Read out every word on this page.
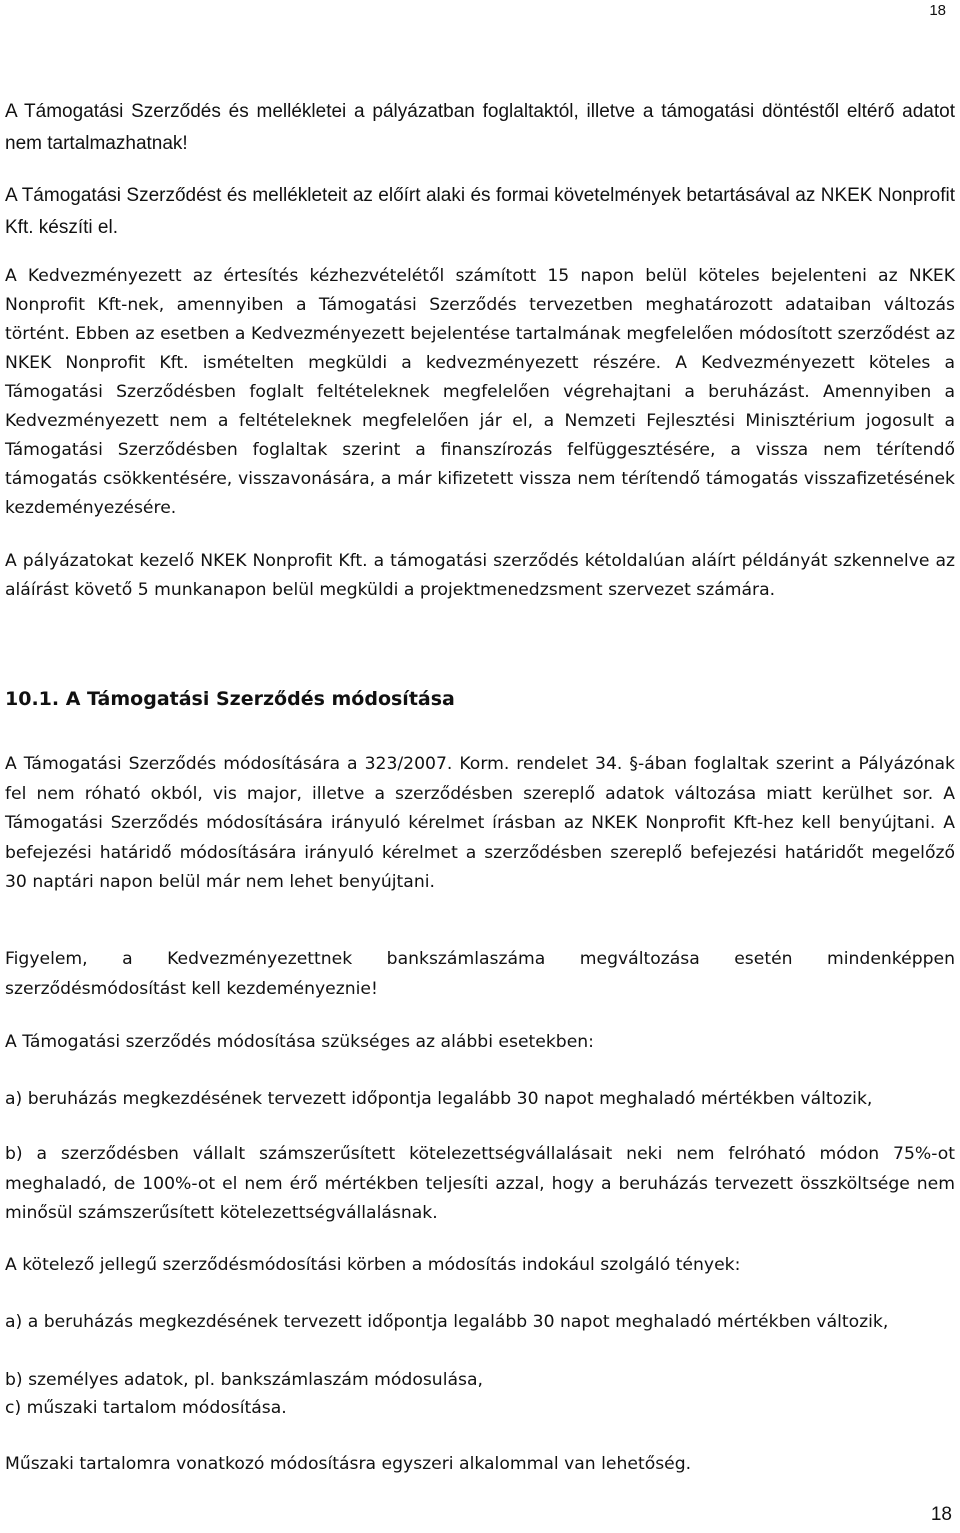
18

A Támogatási Szerződés és mellékletei a pályázatban foglaltaktól, illetve a támogatási döntéstől eltérő adatot nem tartalmazhatnak!

A Támogatási Szerződést és mellékleteit az előírt alaki és formai követelmények betartásával az NKEK Nonprofit Kft. készíti el.

A Kedvezményezett az értesítés kézhezvételétől számított 15 napon belül köteles bejelenteni az NKEK Nonprofit Kft-nek, amennyiben a Támogatási Szerződés tervezetben meghatározott adataiban változás történt. Ebben az esetben a Kedvezményezett bejelentése tartalmának megfelelően módosított szerződést az NKEK Nonprofit Kft. ismételten megküldi a kedvezményezett részére. A Kedvezményezett köteles a Támogatási Szerződésben foglalt feltételeknek megfelelően végrehajtani a beruházást. Amennyiben a Kedvezményezett nem a feltételeknek megfelelően jár el, a Nemzeti Fejlesztési Minisztérium jogosult a Támogatási Szerződésben foglaltak szerint a finanszírozás felfüggesztésére, a vissza nem térítendő támogatás csökkentésére, visszavonására, a már kifizetett vissza nem térítendő támogatás visszafizetésének kezdeményezésére.

A pályázatokat kezelő NKEK Nonprofit Kft. a támogatási szerződés kétoldalúan aláírt példányát szkennelve az aláírást követő 5 munkanapon belül megküldi a projektmenedzsment szervezet számára.

10.1. A Támogatási Szerződés módosítása

A Támogatási Szerződés módosítására a 323/2007. Korm. rendelet 34. §-ában foglaltak szerint a Pályázónak fel nem róható okból, vis major, illetve a szerződésben szereplő adatok változása miatt kerülhet sor. A Támogatási Szerződés módosítására irányuló kérelmet írásban az NKEK Nonprofit Kft-hez kell benyújtani. A befejezési határidő módosítására irányuló kérelmet a szerződésben szereplő befejezési határidőt megelőző 30 naptári napon belül már nem lehet benyújtani.

Figyelem, a Kedvezményezettnek bankszámlaszáma megváltozása esetén mindenképpen szerződésmódosítást kell kezdeményeznie!

A Támogatási szerződés módosítása szükséges az alábbi esetekben:

a) beruházás megkezdésének tervezett időpontja legalább 30 napot meghaladó mértékben változik,

b) a szerződésben vállalt számszerűsített kötelezettségvállalásait neki nem felróható módon 75%-ot meghaladó, de 100%-ot el nem érő mértékben teljesíti azzal, hogy a beruházás tervezett összköltsége nem minősül számszerűsített kötelezettségvállalásnak.

A kötelező jellegű szerződésmódosítási körben a módosítás indokául szolgáló tények:

a) a beruházás megkezdésének tervezett időpontja legalább 30 napot meghaladó mértékben változik,

b) személyes adatok, pl. bankszámlaszám módosulása,

c) műszaki tartalom módosítása.

Műszaki tartalomra vonatkozó módosításra egyszeri alkalommal van lehetőség.

18
